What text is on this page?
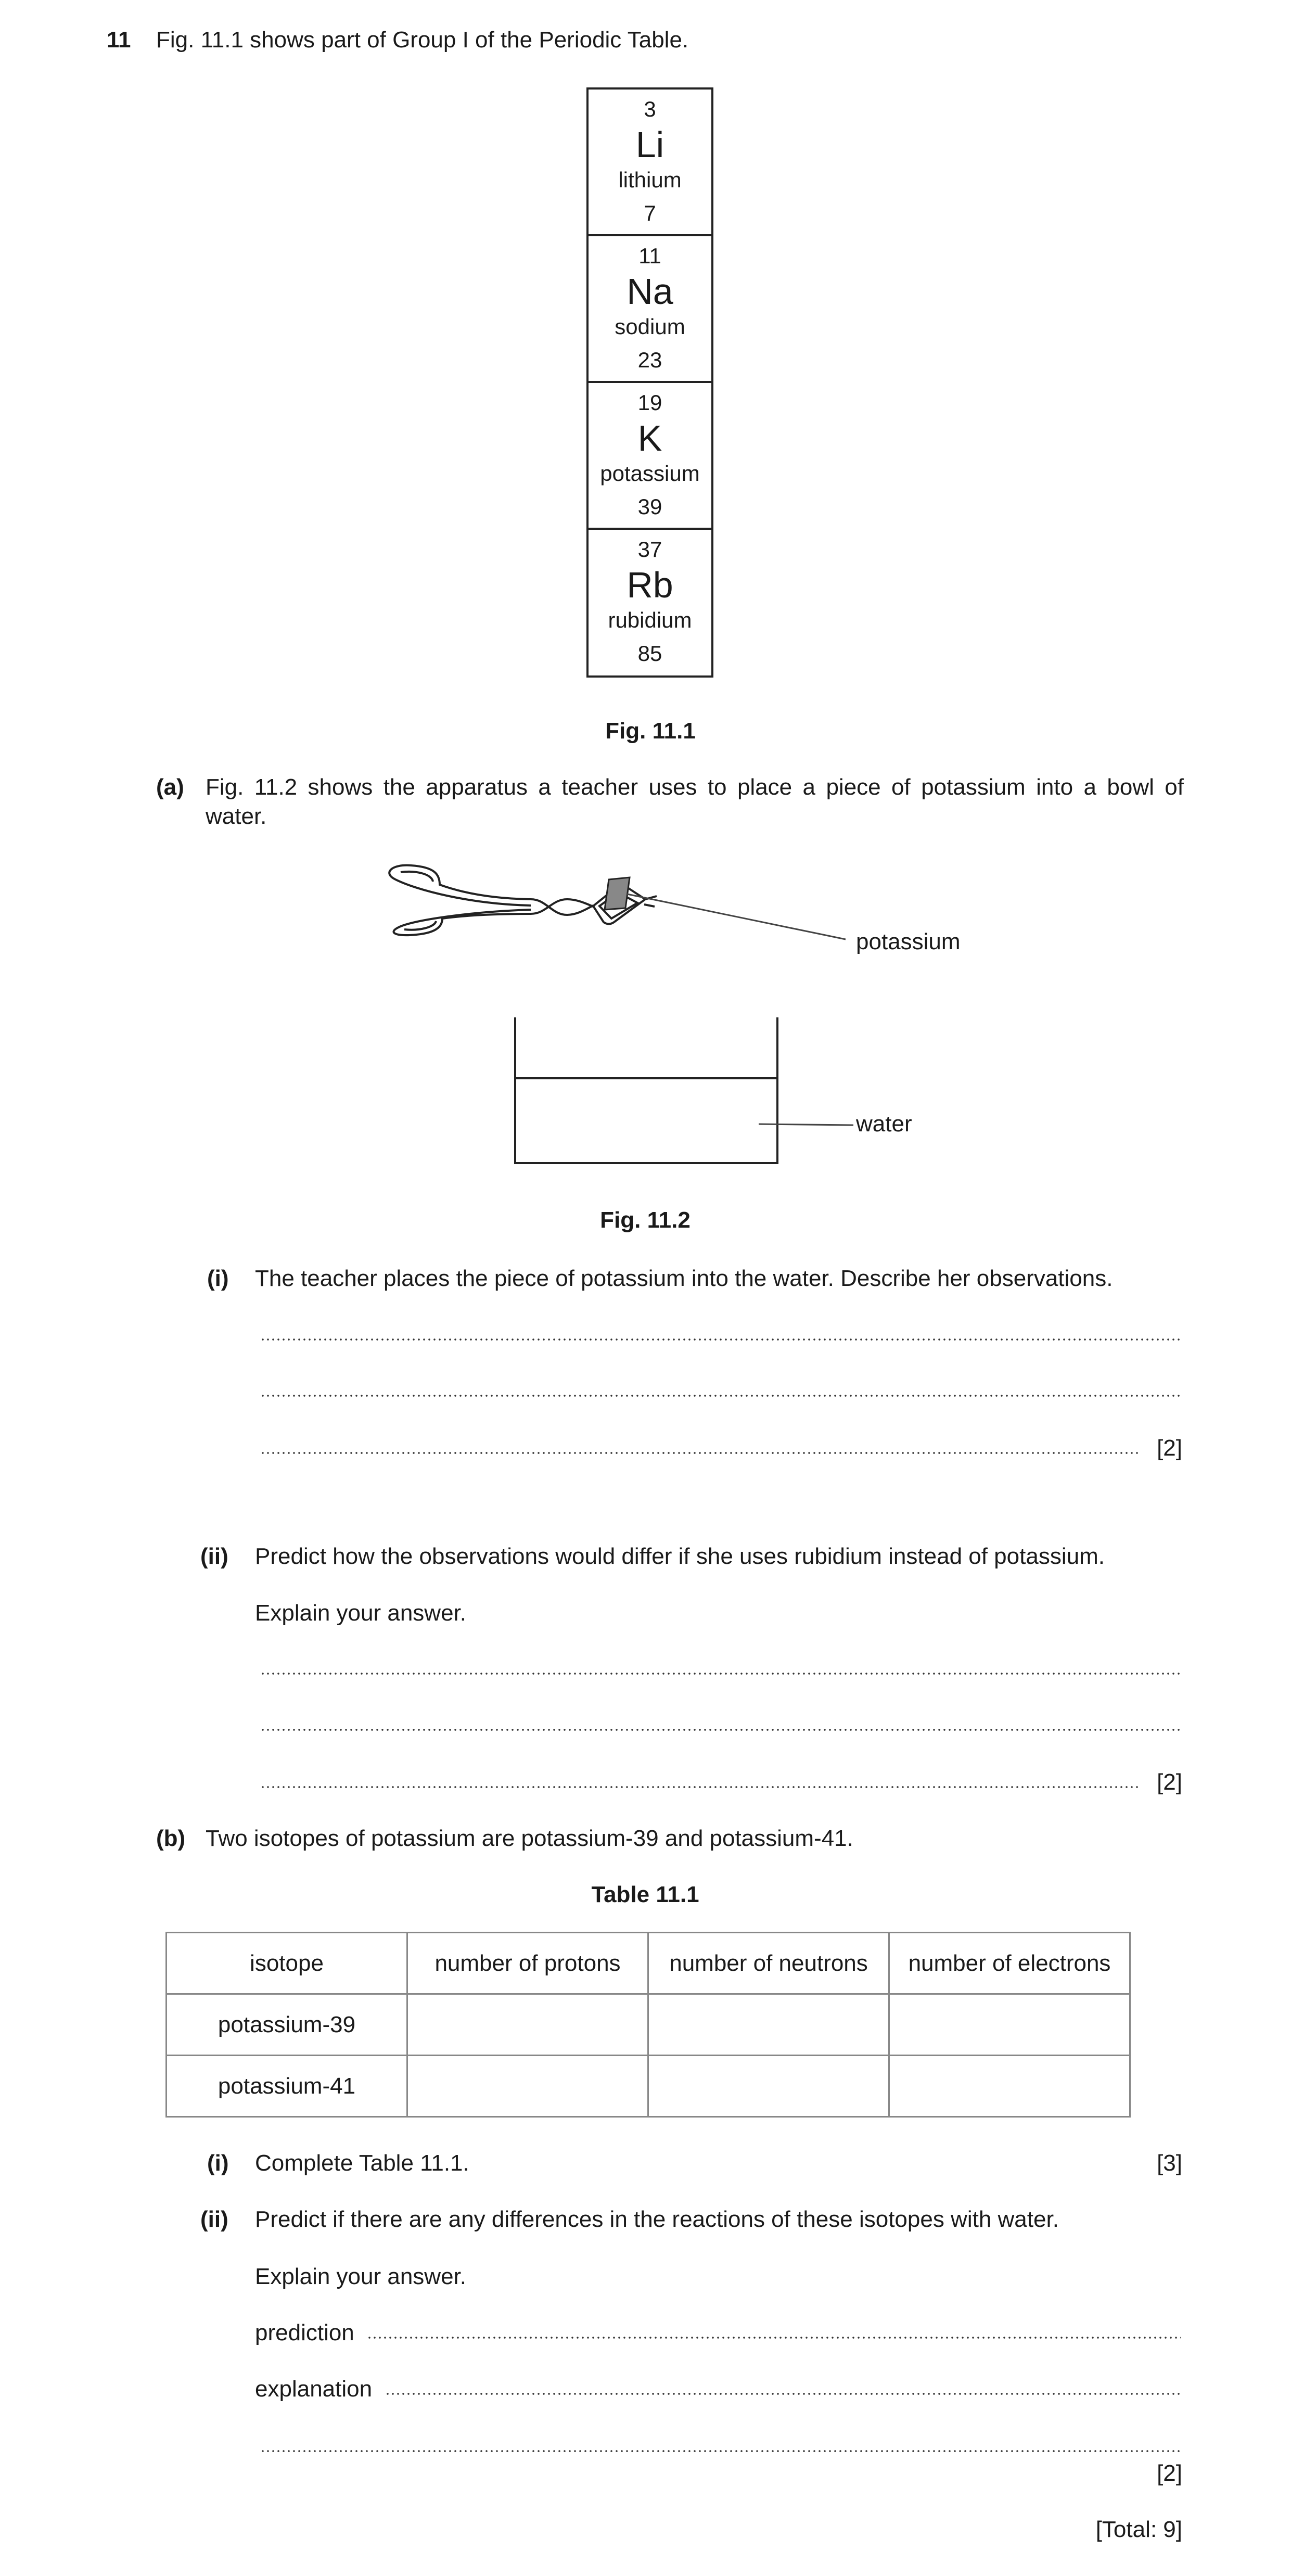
11 Fig. 11.1 shows part of Group I of the Periodic Table.
3
Li
lithium
7
11
Na
sodium
23
19
K
potassium
39
37
Rb
rubidium
85
Fig. 11.1
(a) Fig. 11.2 shows the apparatus a teacher uses to place a piece of potassium into a bowl of
water.
potassium
water
Fig. 11.2
(i) The teacher places the piece of potassium into the water. Describe her observations.
[2]
(ii) Predict how the observations would differ if she uses rubidium instead of potassium.
Explain your answer.
[2]
(b) Two isotopes of potassium are potassium-39 and potassium-41.
Table 11.1
isotope	number of protons	number of neutrons	number of electrons
potassium-39			
potassium-41			
(i) Complete Table 11.1.	[3]
(ii) Predict if there are any differences in the reactions of these isotopes with water.
Explain your answer.
prediction
explanation
[2]
[Total: 9]
